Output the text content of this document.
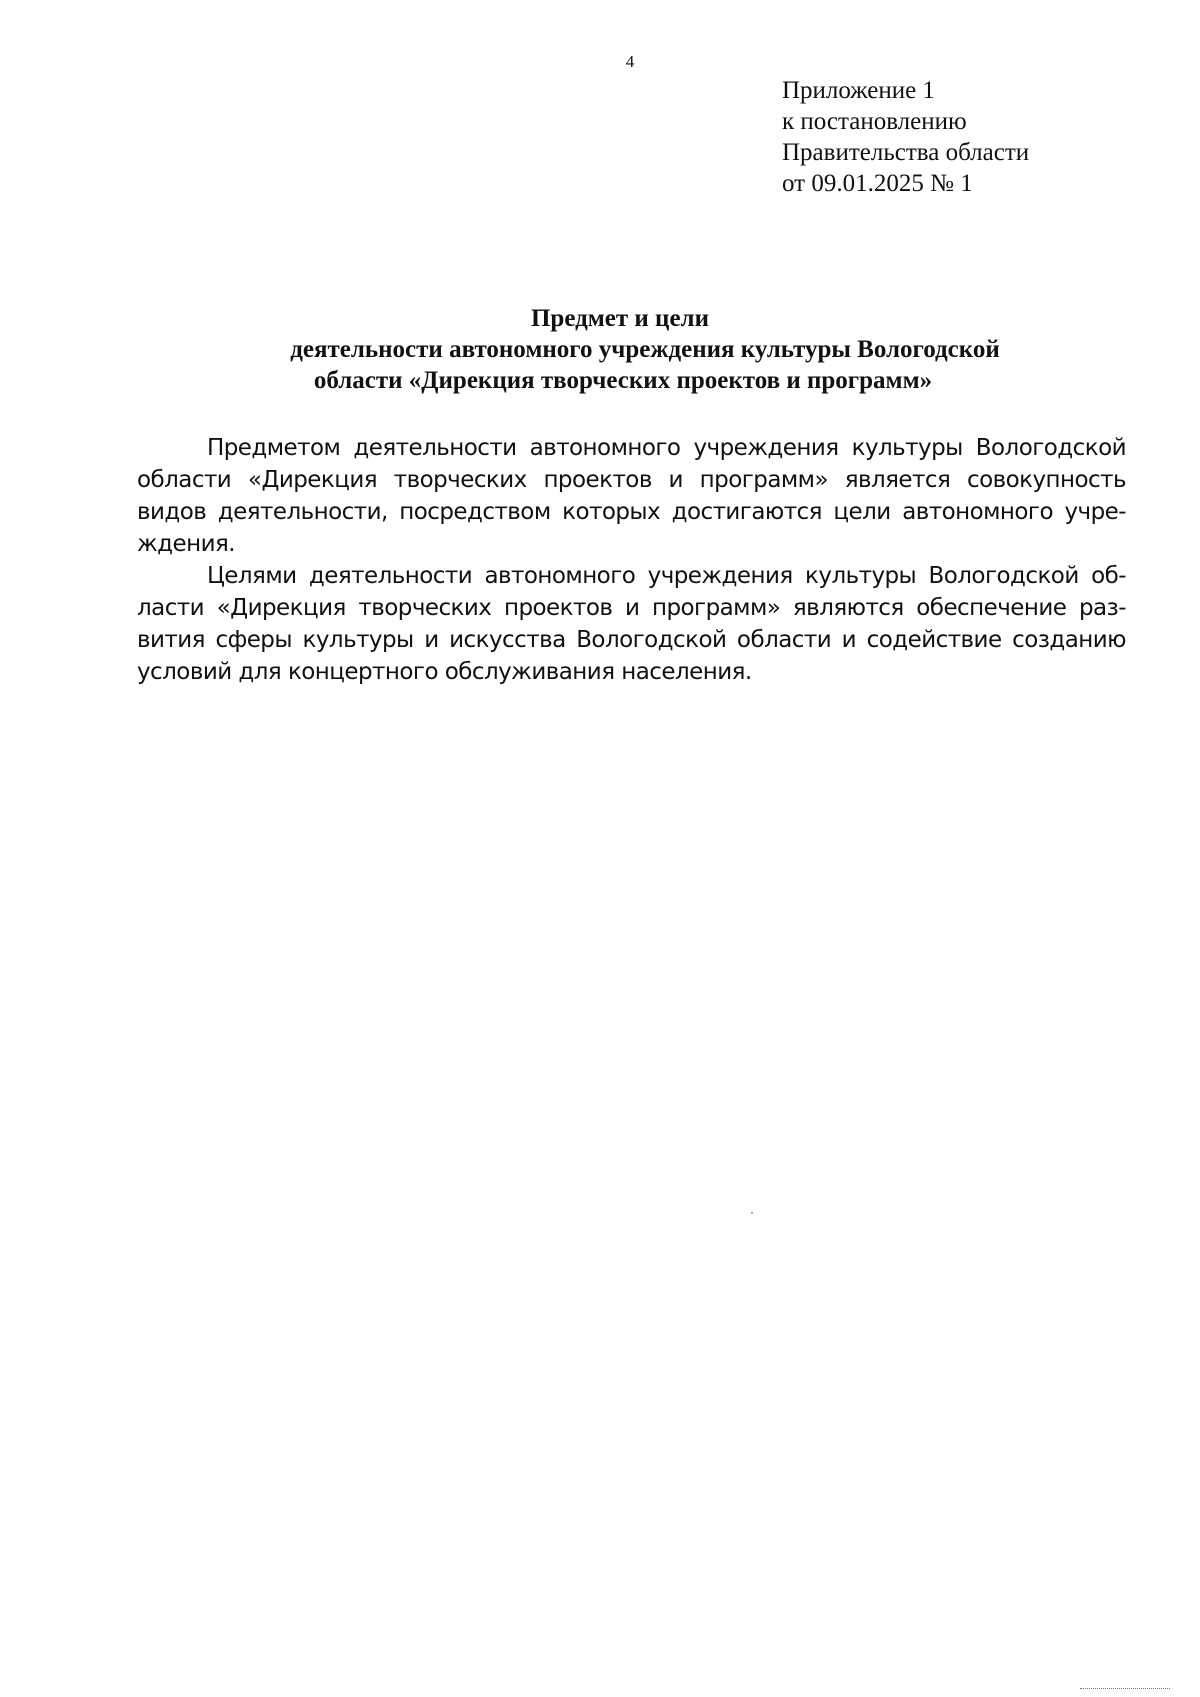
4
Приложение 1
к постановлению
Правительства области
от 09.01.2025 № 1
Предмет и цели
деятельности автономного учреждения культуры Вологодской
области «Дирекция творческих проектов и программ»

Предметом деятельности автономного учреждения культуры Вологодской области «Дирекция творческих проектов и программ» является совокупность видов деятельности, посредством которых достигаются цели автономного учре-ждения.

Целями деятельности автономного учреждения культуры Вологодской об-ласти «Дирекция творческих проектов и программ» являются обеспечение раз-вития сферы культуры и искусства Вологодской области и содействие созданию условий для концертного обслуживания населения.
